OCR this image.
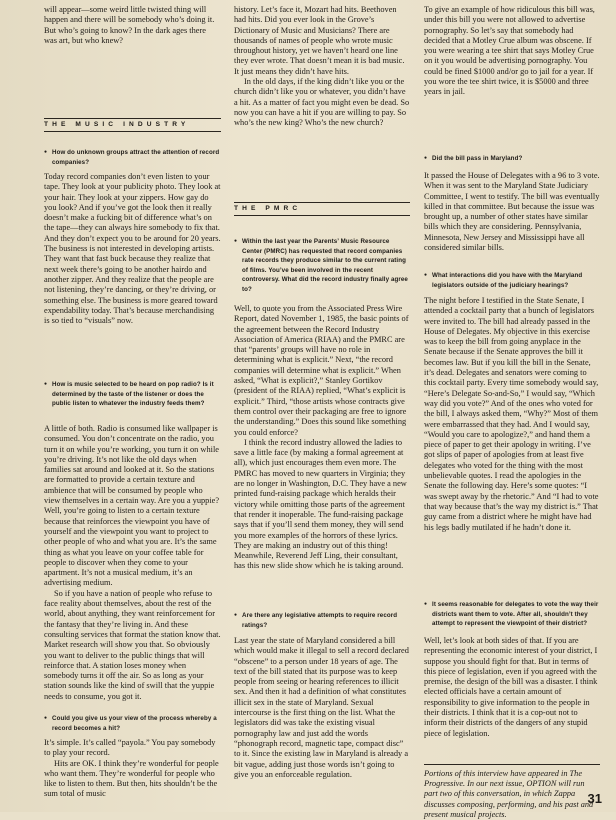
will appear—some weird little twisted thing will happen and there will be somebody who’s doing it. But who’s going to know? In the dark ages there was art, but who knew?

THE MUSIC INDUSTRY

● How do unknown groups attract the attention of record companies?

Today record companies don’t even listen to your tape. They look at your publicity photo. They look at your hair. They look at your zippers. How gay do you look? And if you’ve got the look then it really doesn’t make a fucking bit of difference what’s on the tape—they can always hire somebody to fix that. And they don’t expect you to be around for 20 years. The business is not interested in developing artists. They want that fast buck because they realize that next week there’s going to be another hairdo and another zipper. And they realize that the people are not listening, they’re dancing, or they’re driving, or something else. The business is more geared toward expendability today. That’s because merchandising is so tied to “visuals” now.

● How is music selected to be heard on pop radio? Is it determined by the taste of the listener or does the public listen to whatever the industry feeds them?

A little of both. Radio is consumed like wallpaper is consumed. You don’t concentrate on the radio, you turn it on while you’re working, you turn it on while you’re driving. It’s not like the old days when families sat around and looked at it. So the stations are formatted to provide a certain texture and ambience that will be consumed by people who view themselves in a certain way. Are you a yuppie? Well, you’re going to listen to a certain texture because that reinforces the viewpoint you have of yourself and the viewpoint you want to project to other people of who and what you are. It’s the same thing as what you leave on your coffee table for people to discover when they come to your apartment. It’s not a musical medium, it’s an advertising medium.

So if you have a nation of people who refuse to face reality about themselves, about the rest of the world, about anything, they want reinforcement for the fantasy that they’re living in. And these consulting services that format the station know that. Market research will show you that. So obviously you want to deliver to the public things that will reinforce that. A station loses money when somebody turns it off the air. So as long as your station sounds like the kind of swill that the yuppie needs to consume, you got it.

● Could you give us your view of the process whereby a record becomes a hit?

It’s simple. It’s called “payola.” You pay somebody to play your record.

Hits are OK. I think they’re wonderful for people who want them. They’re wonderful for people who like to listen to them. But then, hits shouldn’t be the sum total of music

history. Let’s face it, Mozart had hits. Beethoven had hits. Did you ever look in the Grove’s Dictionary of Music and Musicians? There are thousands of names of people who wrote music throughout history, yet we haven’t heard one line they ever wrote. That doesn’t mean it is bad music. It just means they didn’t have hits.

In the old days, if the king didn’t like you or the church didn’t like you or whatever, you didn’t have a hit. As a matter of fact you might even be dead. So now you can have a hit if you are willing to pay. So who’s the new king? Who’s the new church?

THE PMRC

● Within the last year the Parents’ Music Resource Center (PMRC) has requested that record companies rate records they produce similar to the current rating of films. You’ve been involved in the recent controversy. What did the record industry finally agree to?

Well, to quote you from the Associated Press Wire Report, dated November 1, 1985, the basic points of the agreement between the Record Industry Association of America (RIAA) and the PMRC are that “parents’ groups will have no role in determining what is explicit.” Next, “the record companies will determine what is explicit.” When asked, “What is explicit?,” Stanley Gortikov (president of the RIAA) replied, “What’s explicit is explicit.” Third, “those artists whose contracts give them control over their packaging are free to ignore the understanding.” Does this sound like something you could enforce?

I think the record industry allowed the ladies to save a little face (by making a formal agreement at all), which just encourages them even more. The PMRC has moved to new quarters in Virginia; they are no longer in Washington, D.C. They have a new printed fund-raising package which heralds their victory while omitting those parts of the agreement that render it inoperable. The fund-raising package says that if you’ll send them money, they will send you more examples of the horrors of these lyrics. They are making an industry out of this thing! Meanwhile, Reverend Jeff Ling, their consultant, has this new slide show which he is taking around.

● Are there any legislative attempts to require record ratings?

Last year the state of Maryland considered a bill which would make it illegal to sell a record declared “obscene” to a person under 18 years of age. The text of the bill stated that its purpose was to keep people from seeing or hearing references to illicit sex. And then it had a definition of what constitutes illicit sex in the state of Maryland. Sexual intercourse is the first thing on the list. What the legislators did was take the existing visual pornography law and just add the words “phonograph record, magnetic tape, compact disc” to it. Since the existing law in Maryland is already a bit vague, adding just those words isn’t going to give you an enforceable regulation.

To give an example of how ridiculous this bill was, under this bill you were not allowed to advertise pornography. So let’s say that somebody had decided that a Motley Crue album was obscene. If you were wearing a tee shirt that says Motley Crue on it you would be advertising pornography. You could be fined $1000 and/or go to jail for a year. If you wore the tee shirt twice, it is $5000 and three years in jail.

● Did the bill pass in Maryland?

It passed the House of Delegates with a 96 to 3 vote. When it was sent to the Maryland State Judiciary Committee, I went to testify. The bill was eventually killed in that committee. But because the issue was brought up, a number of other states have similar bills which they are considering. Pennsylvania, Minnesota, New Jersey and Mississippi have all considered similar bills.

● What interactions did you have with the Maryland legislators outside of the judiciary hearings?

The night before I testified in the State Senate, I attended a cocktail party that a bunch of legislators were invited to. The bill had already passed in the House of Delegates. My objective in this exercise was to keep the bill from going anyplace in the Senate because if the Senate approves the bill it becomes law. But if you kill the bill in the Senate, it’s dead. Delegates and senators were coming to this cocktail party. Every time somebody would say, “Here’s Delegate So-and-So,” I would say, “Which way did you vote?” And of the ones who voted for the bill, I always asked them, “Why?” Most of them were embarrassed that they had. And I would say, “Would you care to apologize?,” and hand them a piece of paper to get their apology in writing. I’ve got slips of paper of apologies from at least five delegates who voted for the thing with the most unbelievable quotes. I read the apologies in the Senate the following day. Here’s some quotes: “I was swept away by the rhetoric.” And “I had to vote that way because that’s the way my district is.” That guy came from a district where he might have had his legs badly mutilated if he hadn’t done it.

● It seems reasonable for delegates to vote the way their districts want them to vote. After all, shouldn’t they attempt to represent the viewpoint of their district?

Well, let’s look at both sides of that. If you are representing the economic interest of your district, I suppose you should fight for that. But in terms of this piece of legislation, even if you agreed with the premise, the design of the bill was a disaster. I think elected officials have a certain amount of responsibility to give information to the people in their districts. I think that it is a cop-out not to inform their districts of the dangers of any stupid piece of legislation.

Portions of this interview have appeared in The Progressive. In our next issue, OPTION will run part two of this conversation, in which Zappa discusses composing, performing, and his past and present musical projects.

31
